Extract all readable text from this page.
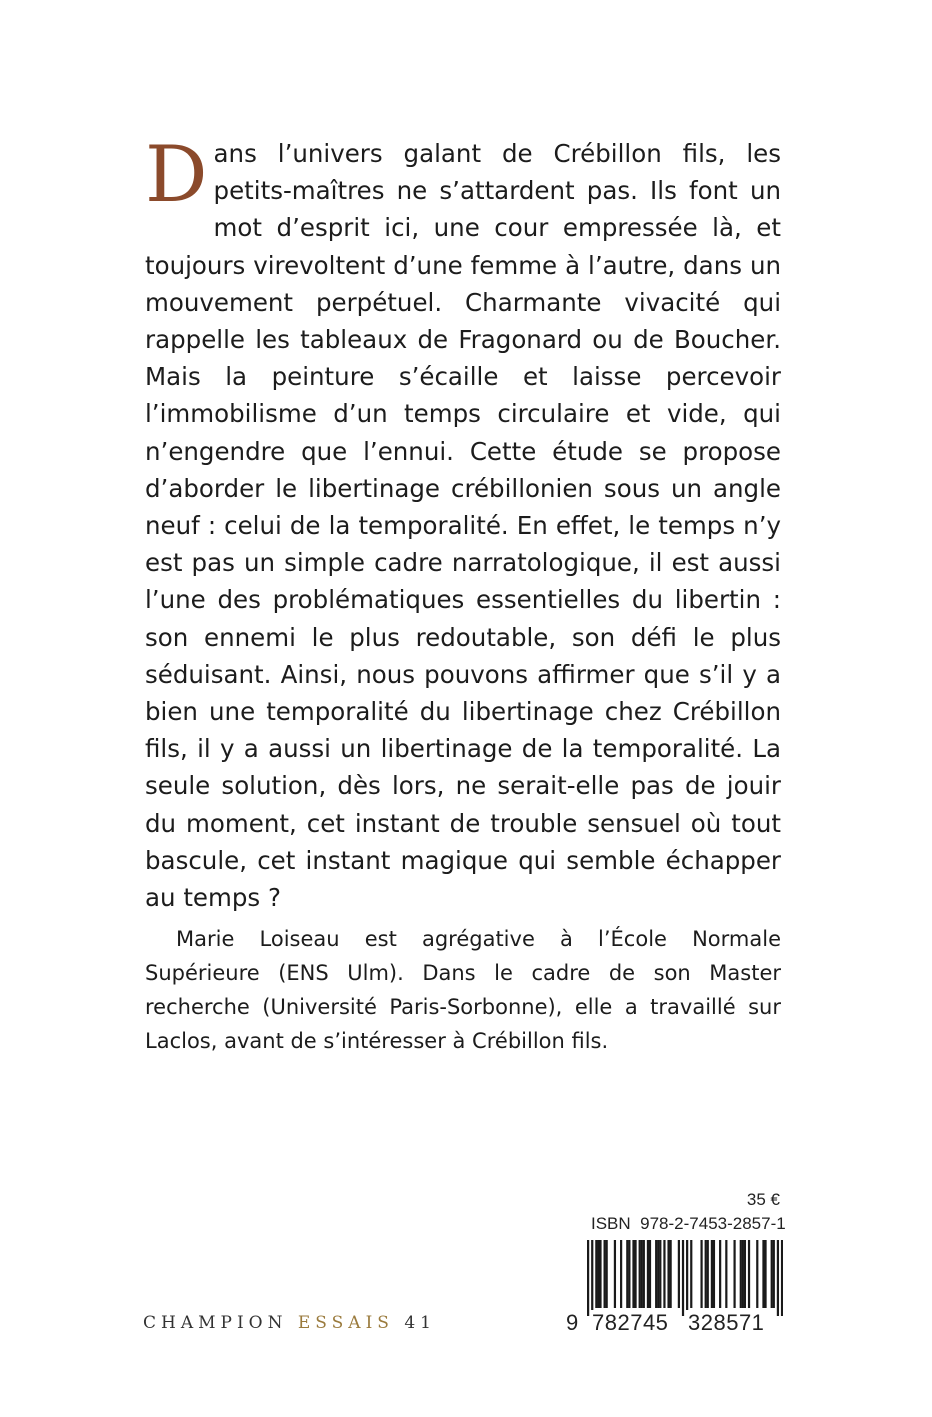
Dans l’univers galant de Crébillon fils, les petits-maîtres ne s’attardent pas. Ils font un mot d’esprit ici, une cour empressée là, et toujours virevoltent d’une femme à l’autre, dans un mouvement perpétuel. Charmante vivacité qui rappelle les tableaux de Fragonard ou de Boucher. Mais la peinture s’écaille et laisse percevoir l’immobilisme d’un temps circulaire et vide, qui n’engendre que l’ennui. Cette étude se propose d’aborder le libertinage crébillonien sous un angle neuf : celui de la temporalité. En effet, le temps n’y est pas un simple cadre narratologique, il est aussi l’une des problématiques essentielles du libertin : son ennemi le plus redoutable, son défi le plus séduisant. Ainsi, nous pouvons affirmer que s’il y a bien une temporalité du libertinage chez Crébillon fils, il y a aussi un libertinage de la temporalité. La seule solution, dès lors, ne serait-elle pas de jouir du moment, cet instant de trouble sensuel où tout bascule, cet instant magique qui semble échapper au temps ?

Marie Loiseau est agrégative à l’École Normale Supérieure (ENS Ulm). Dans le cadre de son Master recherche (Université Paris-Sorbonne), elle a travaillé sur Laclos, avant de s’intéresser à Crébillon fils.

35 €
ISBN 978-2-7453-2857-1
9 782745 328571
CHAMPION ESSAIS 41
